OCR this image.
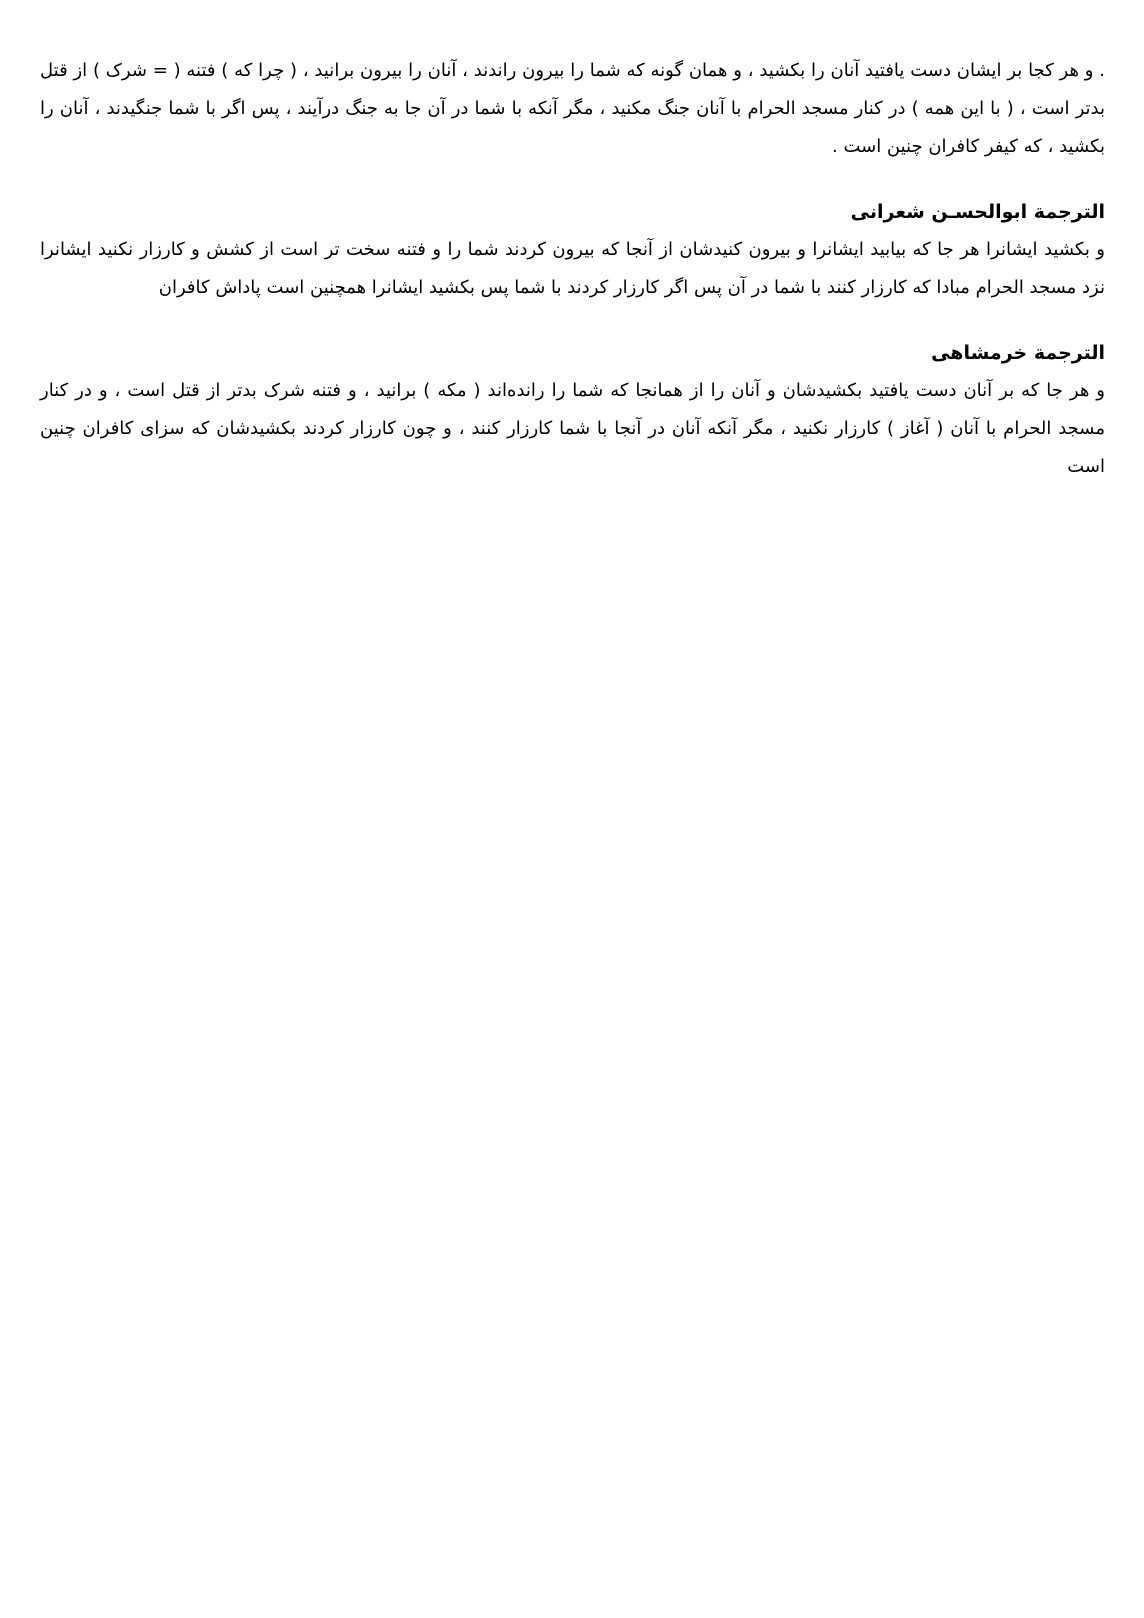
. و هر کجا بر ایشان دست یافتید آنان را بکشید ، و همان گونه که شما را بیرون راندند ، آنان را بیرون برانید ، ( چرا که ) فتنه ( = شرک ) از قتل بدتر است ، ( با این همه ) در کنار مسجد الحرام با آنان جنگ مکنید ، مگر آنکه با شما در آن جا به جنگ درآیند ، پس اگر با شما جنگیدند ، آنان را بکشید ، که کیفر کافران چنین است .

الترجمة ابوالحسـن شعرانی

و بکشید ایشانرا هر جا که بیابید ایشانرا و بیرون کنیدشان از آنجا که بیرون کردند شما را و فتنه سخت تر است از کشش و کارزار نکنید ایشانرا نزد مسجد الحرام مبادا که کارزار کنند با شما در آن پس اگر کارزار کردند با شما پس بکشید ایشانرا همچنین است پاداش کافران

الترجمة خرمشاهی

و هر جا که بر آنان دست یافتید بکشیدشان و آنان را از همانجا که شما را رانده‌اند ( مکه ) برانید ، و فتنه شرک بدتر از قتل است ، و در کنار مسجد الحرام با آنان ( آغاز ) کارزار نکنید ، مگر آنکه آنان در آنجا با شما کارزار کنند ، و چون کارزار کردند بکشیدشان که سزای کافران چنین است
